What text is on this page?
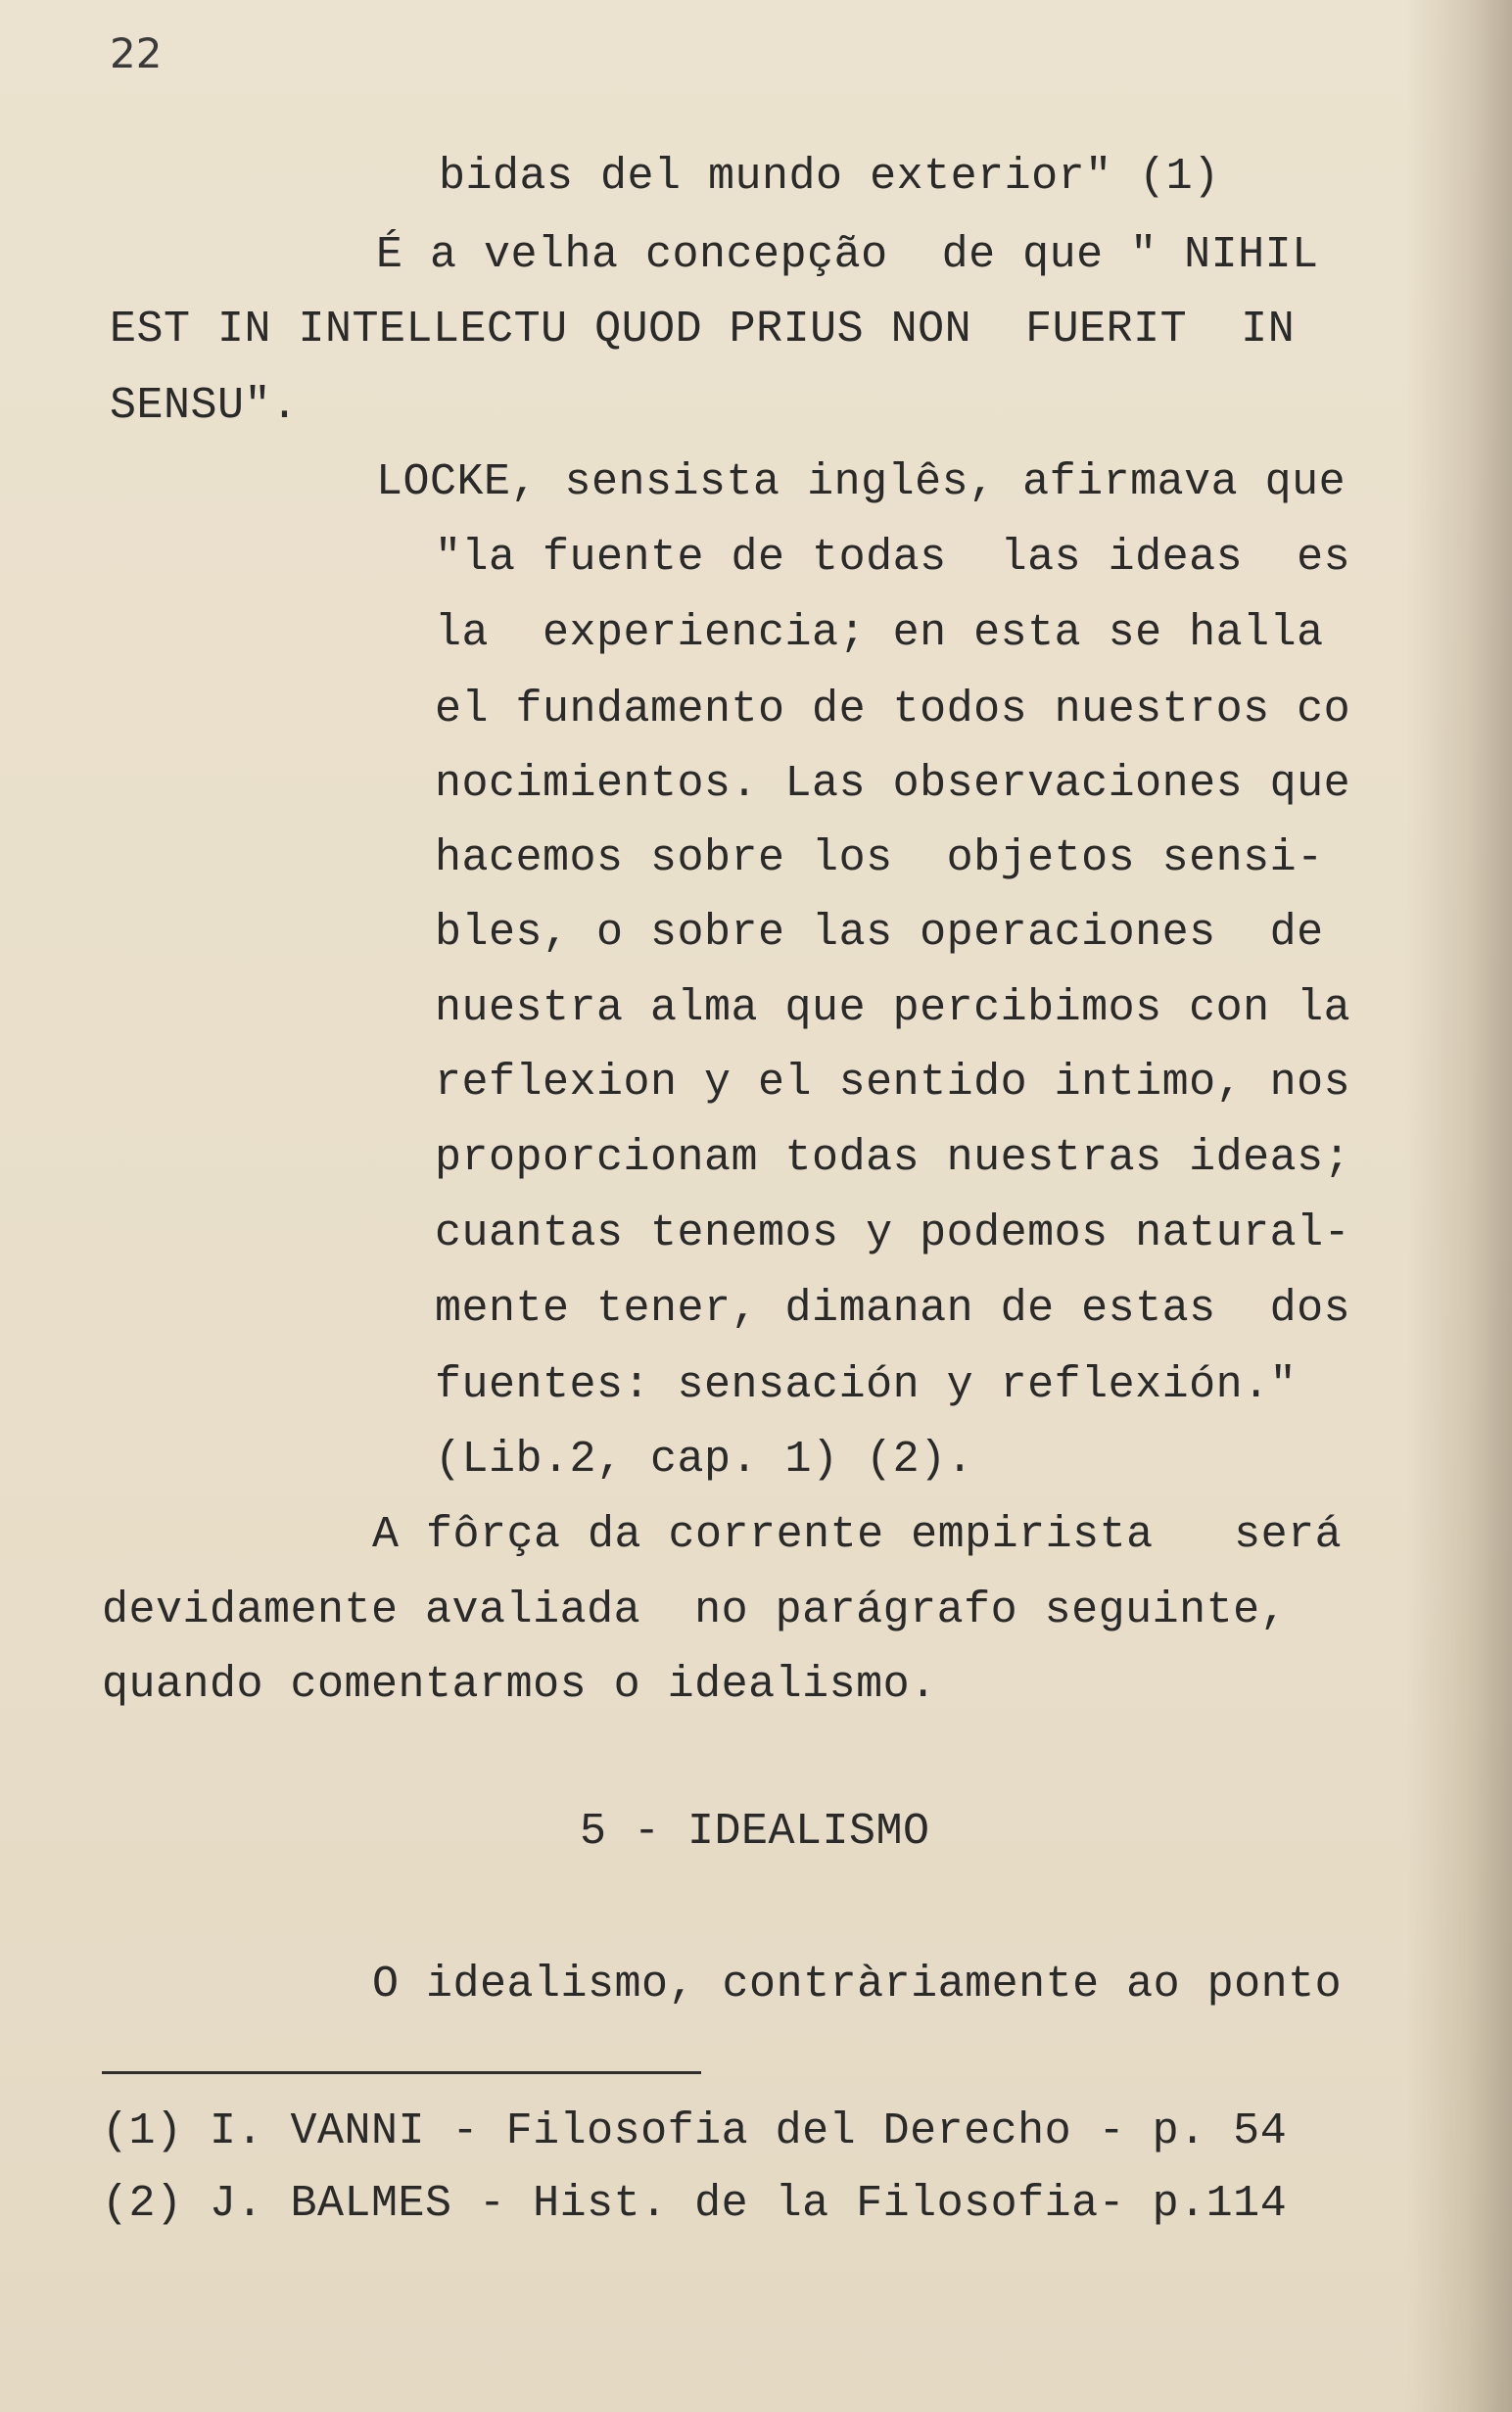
22

bidas del mundo exterior" (1)

É a velha concepção  de que " NIHIL

EST IN INTELLECTU QUOD PRIUS NON  FUERIT  IN

SENSU".

LOCKE, sensista inglês, afirmava que

"la fuente de todas  las ideas  es

la  experiencia; en esta se halla

el fundamento de todos nuestros co

nocimientos. Las observaciones que

hacemos sobre los  objetos sensi-

bles, o sobre las operaciones  de

nuestra alma que percibimos con la

reflexion y el sentido intimo, nos

proporcionam todas nuestras ideas;

cuantas tenemos y podemos natural-

mente tener, dimanan de estas  dos

fuentes: sensación y reflexión."

(Lib.2, cap. 1) (2).

A fôrça da corrente empirista   será

devidamente avaliada  no parágrafo seguinte,

quando comentarmos o idealismo.

5 - IDEALISMO

O idealismo, contràriamente ao ponto

(1) I. VANNI - Filosofia del Derecho - p. 54

(2) J. BALMES - Hist. de la Filosofia- p.114
